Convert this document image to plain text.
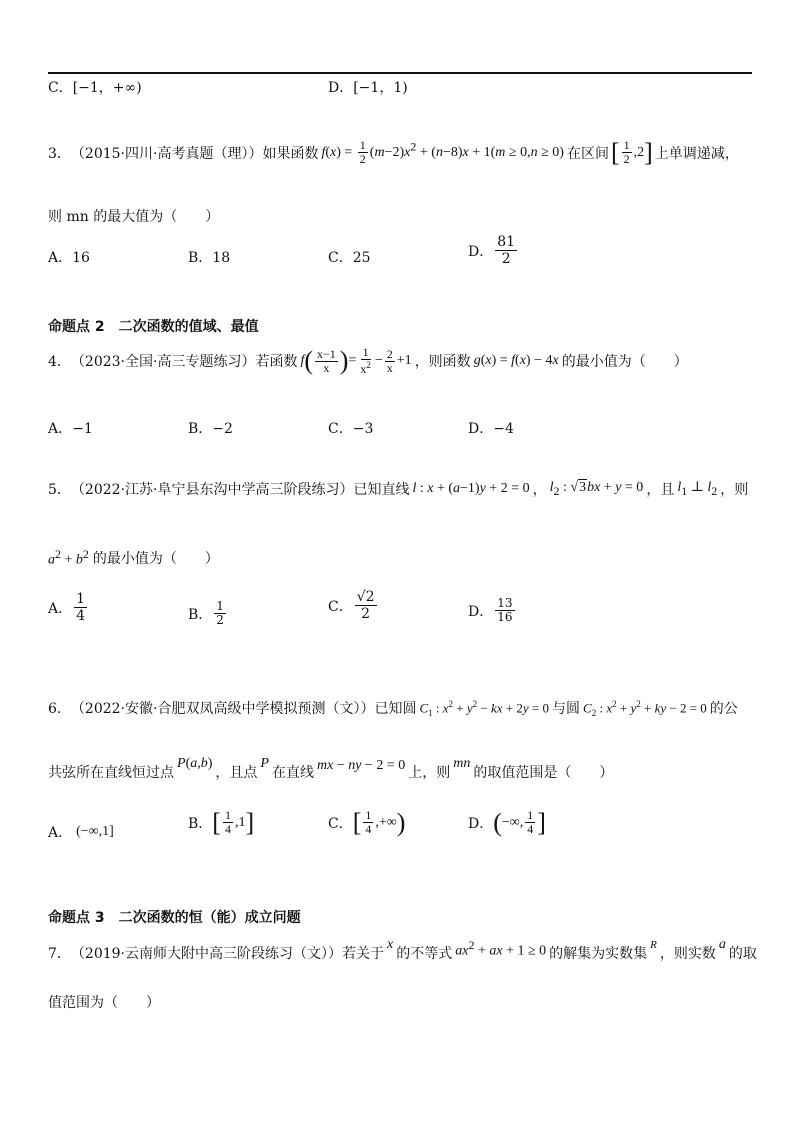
C．[−1，+∞)	D．[−1，1)
3． （2015·四川·高考真题（理））如果函数 $f(x) = \frac{1}{2} (m-2)x^2 + (n-8)x + 1(m \ge 0,n \ge 0)$ 在区间 [ $\frac{1}{2} ,2$ ] 上单调递减，
则 mn 的最大值为（　　）
A．16	B．18	C．25	D． $\frac{81}{2}$
命题点 2　二次函数的值域、最值
4． （2023·全国·高三专题练习）若函数 f ( $\frac{x-1}{x}$ ) = $\frac{1}{x^2} - \frac{2}{x} +1$ ，则函数 g(x) = f(x) − 4x 的最小值为（　　）
A．−1	B．−2	C．−3	D．−4
5． （2022·江苏·阜宁县东沟中学高三阶段练习）已知直线 l : x + (a−1)y + 2 = 0 ， $l_2$ : √3bx + y = 0 ，且 $l_1$ ⊥ $l_2$ ，则
$a^2 + b^2$ 的最小值为（　　）
A． $\frac{1}{4}$	B． $\frac{1}{2}$	C． $\frac{√2}{2}$	D． $\frac{13}{16}$
6． （2022·安徽·合肥双凤高级中学模拟预测（文））已知圆 $C_1$ : $x^2 + y^2$ − kx + 2y = 0 与圆 $C_2$ : $x^2 + y^2$ + ky − 2 = 0 的公
共弦所在直线恒过点
P(a,b)
，且点
P
在直线 mx − ny − 2 = 0 上，则
mn
的取值范围是（　　）
A． (−∞,1]	B． [ $\frac{1}{4} ,1$ ]	C． [ $\frac{1}{4}$ ,+∞ )	D． ( −∞, $\frac{1}{4}$ ]
命题点 3　二次函数的恒（能）成立问题
7． （2019·云南师大附中高三阶段练习（文））若关于
x
的不等式 $ax^2$ + ax + 1 ≥ 0 的解集为实数集
R
，则实数
a
的取
值范围为（　　）
